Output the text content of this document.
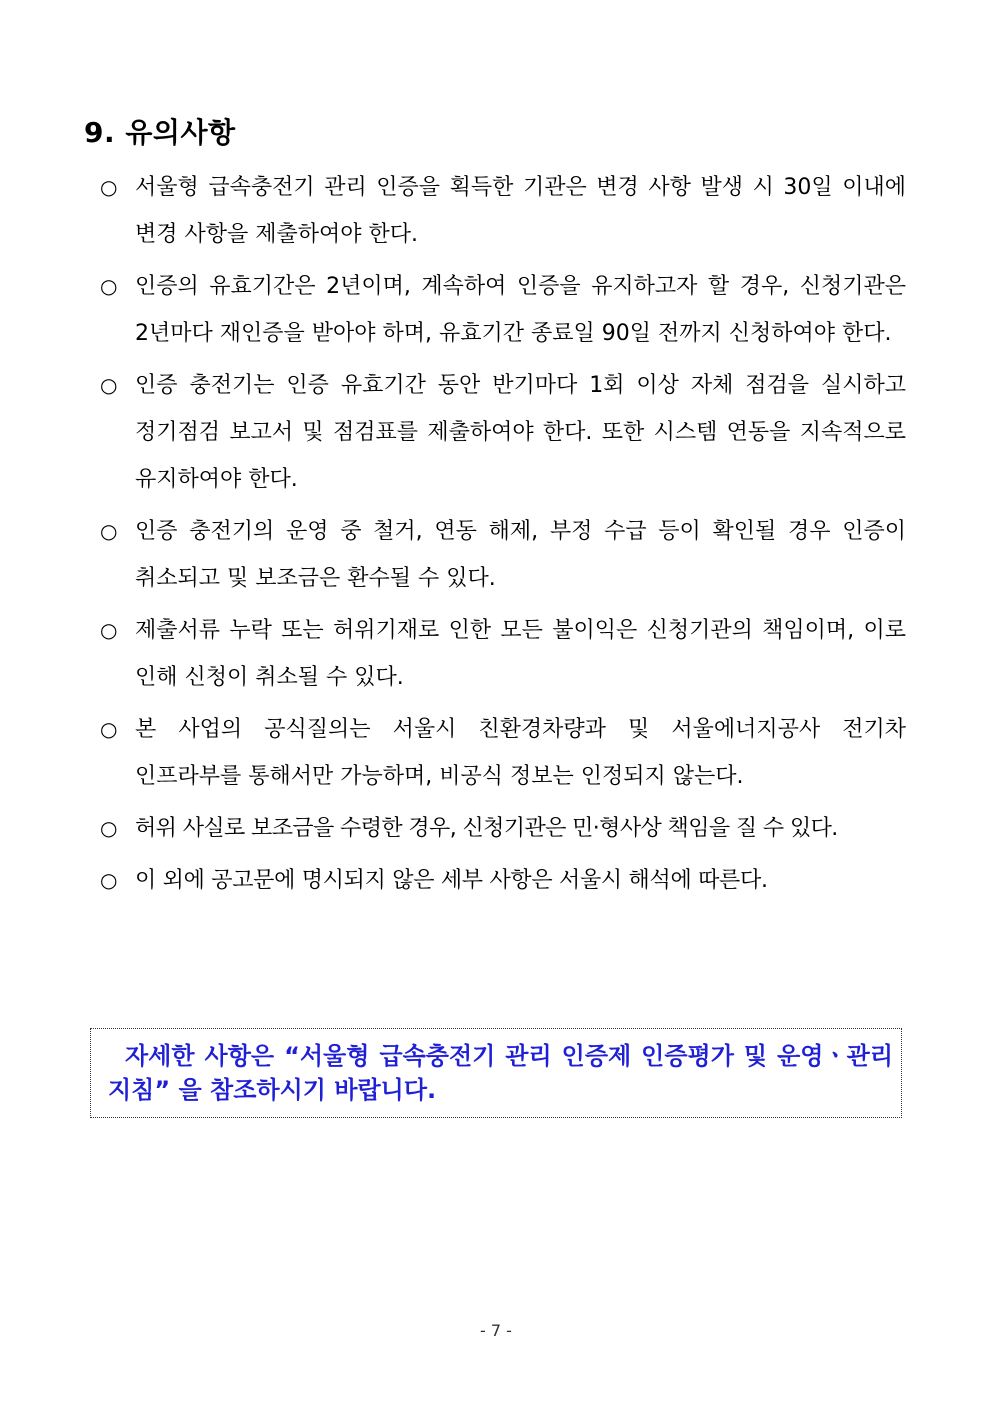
9. 유의사항
○ 서울형 급속충전기 관리 인증을 획득한 기관은 변경 사항 발생 시 30일 이내에 변경 사항을 제출하여야 한다.
○ 인증의 유효기간은 2년이며, 계속하여 인증을 유지하고자 할 경우, 신청기관은 2년마다 재인증을 받아야 하며, 유효기간 종료일 90일 전까지 신청하여야 한다.
○ 인증 충전기는 인증 유효기간 동안 반기마다 1회 이상 자체 점검을 실시하고 정기점검 보고서 및 점검표를 제출하여야 한다. 또한 시스템 연동을 지속적으로 유지하여야 한다.
○ 인증 충전기의 운영 중 철거, 연동 해제, 부정 수급 등이 확인될 경우 인증이 취소되고 및 보조금은 환수될 수 있다.
○ 제출서류 누락 또는 허위기재로 인한 모든 불이익은 신청기관의 책임이며, 이로 인해 신청이 취소될 수 있다.
○ 본 사업의 공식질의는 서울시 친환경차량과 및 서울에너지공사 전기차 인프라부를 통해서만 가능하며, 비공식 정보는 인정되지 않는다.
○ 허위 사실로 보조금을 수령한 경우, 신청기관은 민·형사상 책임을 질 수 있다.
○ 이 외에 공고문에 명시되지 않은 세부 사항은 서울시 해석에 따른다.

자세한 사항은 “서울형 급속충전기 관리 인증제 인증평가 및 운영ㆍ관리 지침” 을 참조하시기 바랍니다.

- 7 -
